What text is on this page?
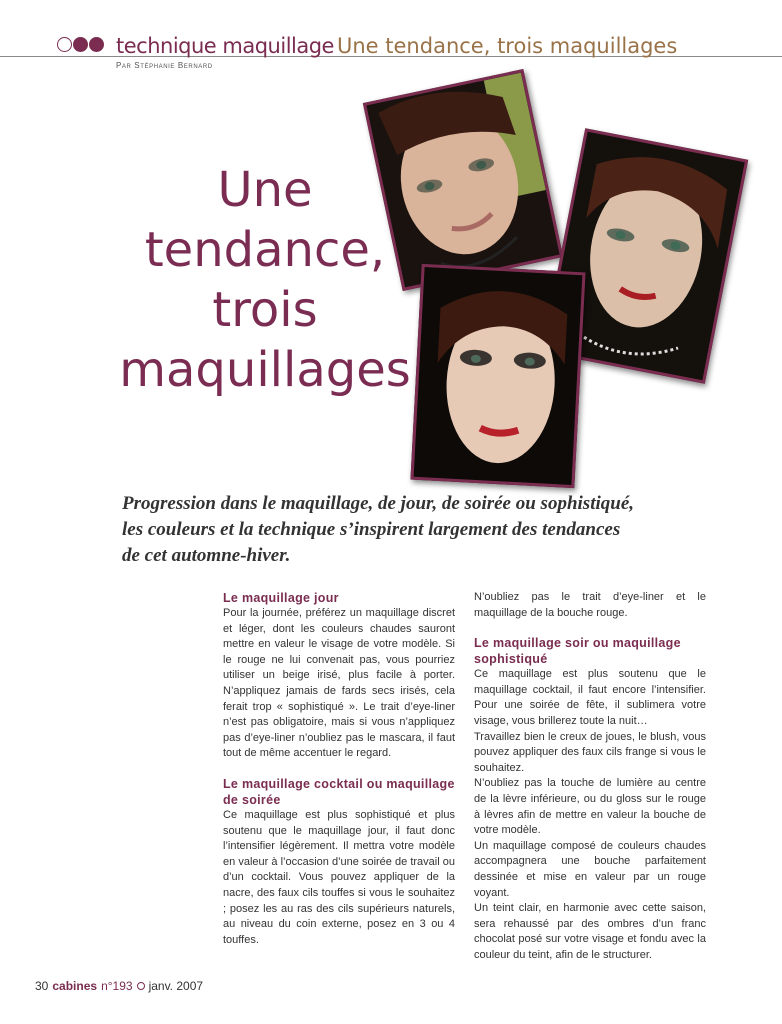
technique maquillage Une tendance, trois maquillages
Par Stéphanie Bernard
Une
tendance,
trois
maquillages
Progression dans le maquillage, de jour, de soirée ou sophistiqué,
les couleurs et la technique s’inspirent largement des tendances
de cet automne-hiver.
Le maquillage jour

Pour la journée, préférez un maquillage discret et léger, dont les couleurs chaudes sauront mettre en valeur le visage de votre modèle. Si le rouge ne lui convenait pas, vous pourriez utiliser un beige irisé, plus facile à porter. N’appliquez jamais de fards secs irisés, cela ferait trop « sophistiqué ». Le trait d’eye-liner n’est pas obligatoire, mais si vous n’appliquez pas d’eye-liner n’oubliez pas le mascara, il faut tout de même accentuer le regard.

Le maquillage cocktail ou maquillage de soirée

Ce maquillage est plus sophistiqué et plus soutenu que le maquillage jour, il faut donc l’intensifier légèrement. Il mettra votre modèle en valeur à l’occasion d’une soirée de travail ou d’un cocktail. Vous pouvez appliquer de la nacre, des faux cils touffes si vous le souhaitez ; posez les au ras des cils supérieurs naturels, au niveau du coin externe, posez en 3 ou 4 touffes.

N’oubliez pas le trait d’eye-liner et le maquillage de la bouche rouge.

Le maquillage soir ou maquillage sophistiqué

Ce maquillage est plus soutenu que le maquillage cocktail, il faut encore l’intensifier. Pour une soirée de fête, il sublimera votre visage, vous brillerez toute la nuit…

Travaillez bien le creux de joues, le blush, vous pouvez appliquer des faux cils frange si vous le souhaitez.

N’oubliez pas la touche de lumière au centre de la lèvre inférieure, ou du gloss sur le rouge à lèvres afin de mettre en valeur la bouche de votre modèle.

Un maquillage composé de couleurs chaudes accompagnera une bouche parfaitement dessinée et mise en valeur par un rouge voyant.

Un teint clair, en harmonie avec cette saison, sera rehaussé par des ombres d’un franc chocolat posé sur votre visage et fondu avec la couleur du teint, afin de le structurer.

30 cabines n°193 janv. 2007
